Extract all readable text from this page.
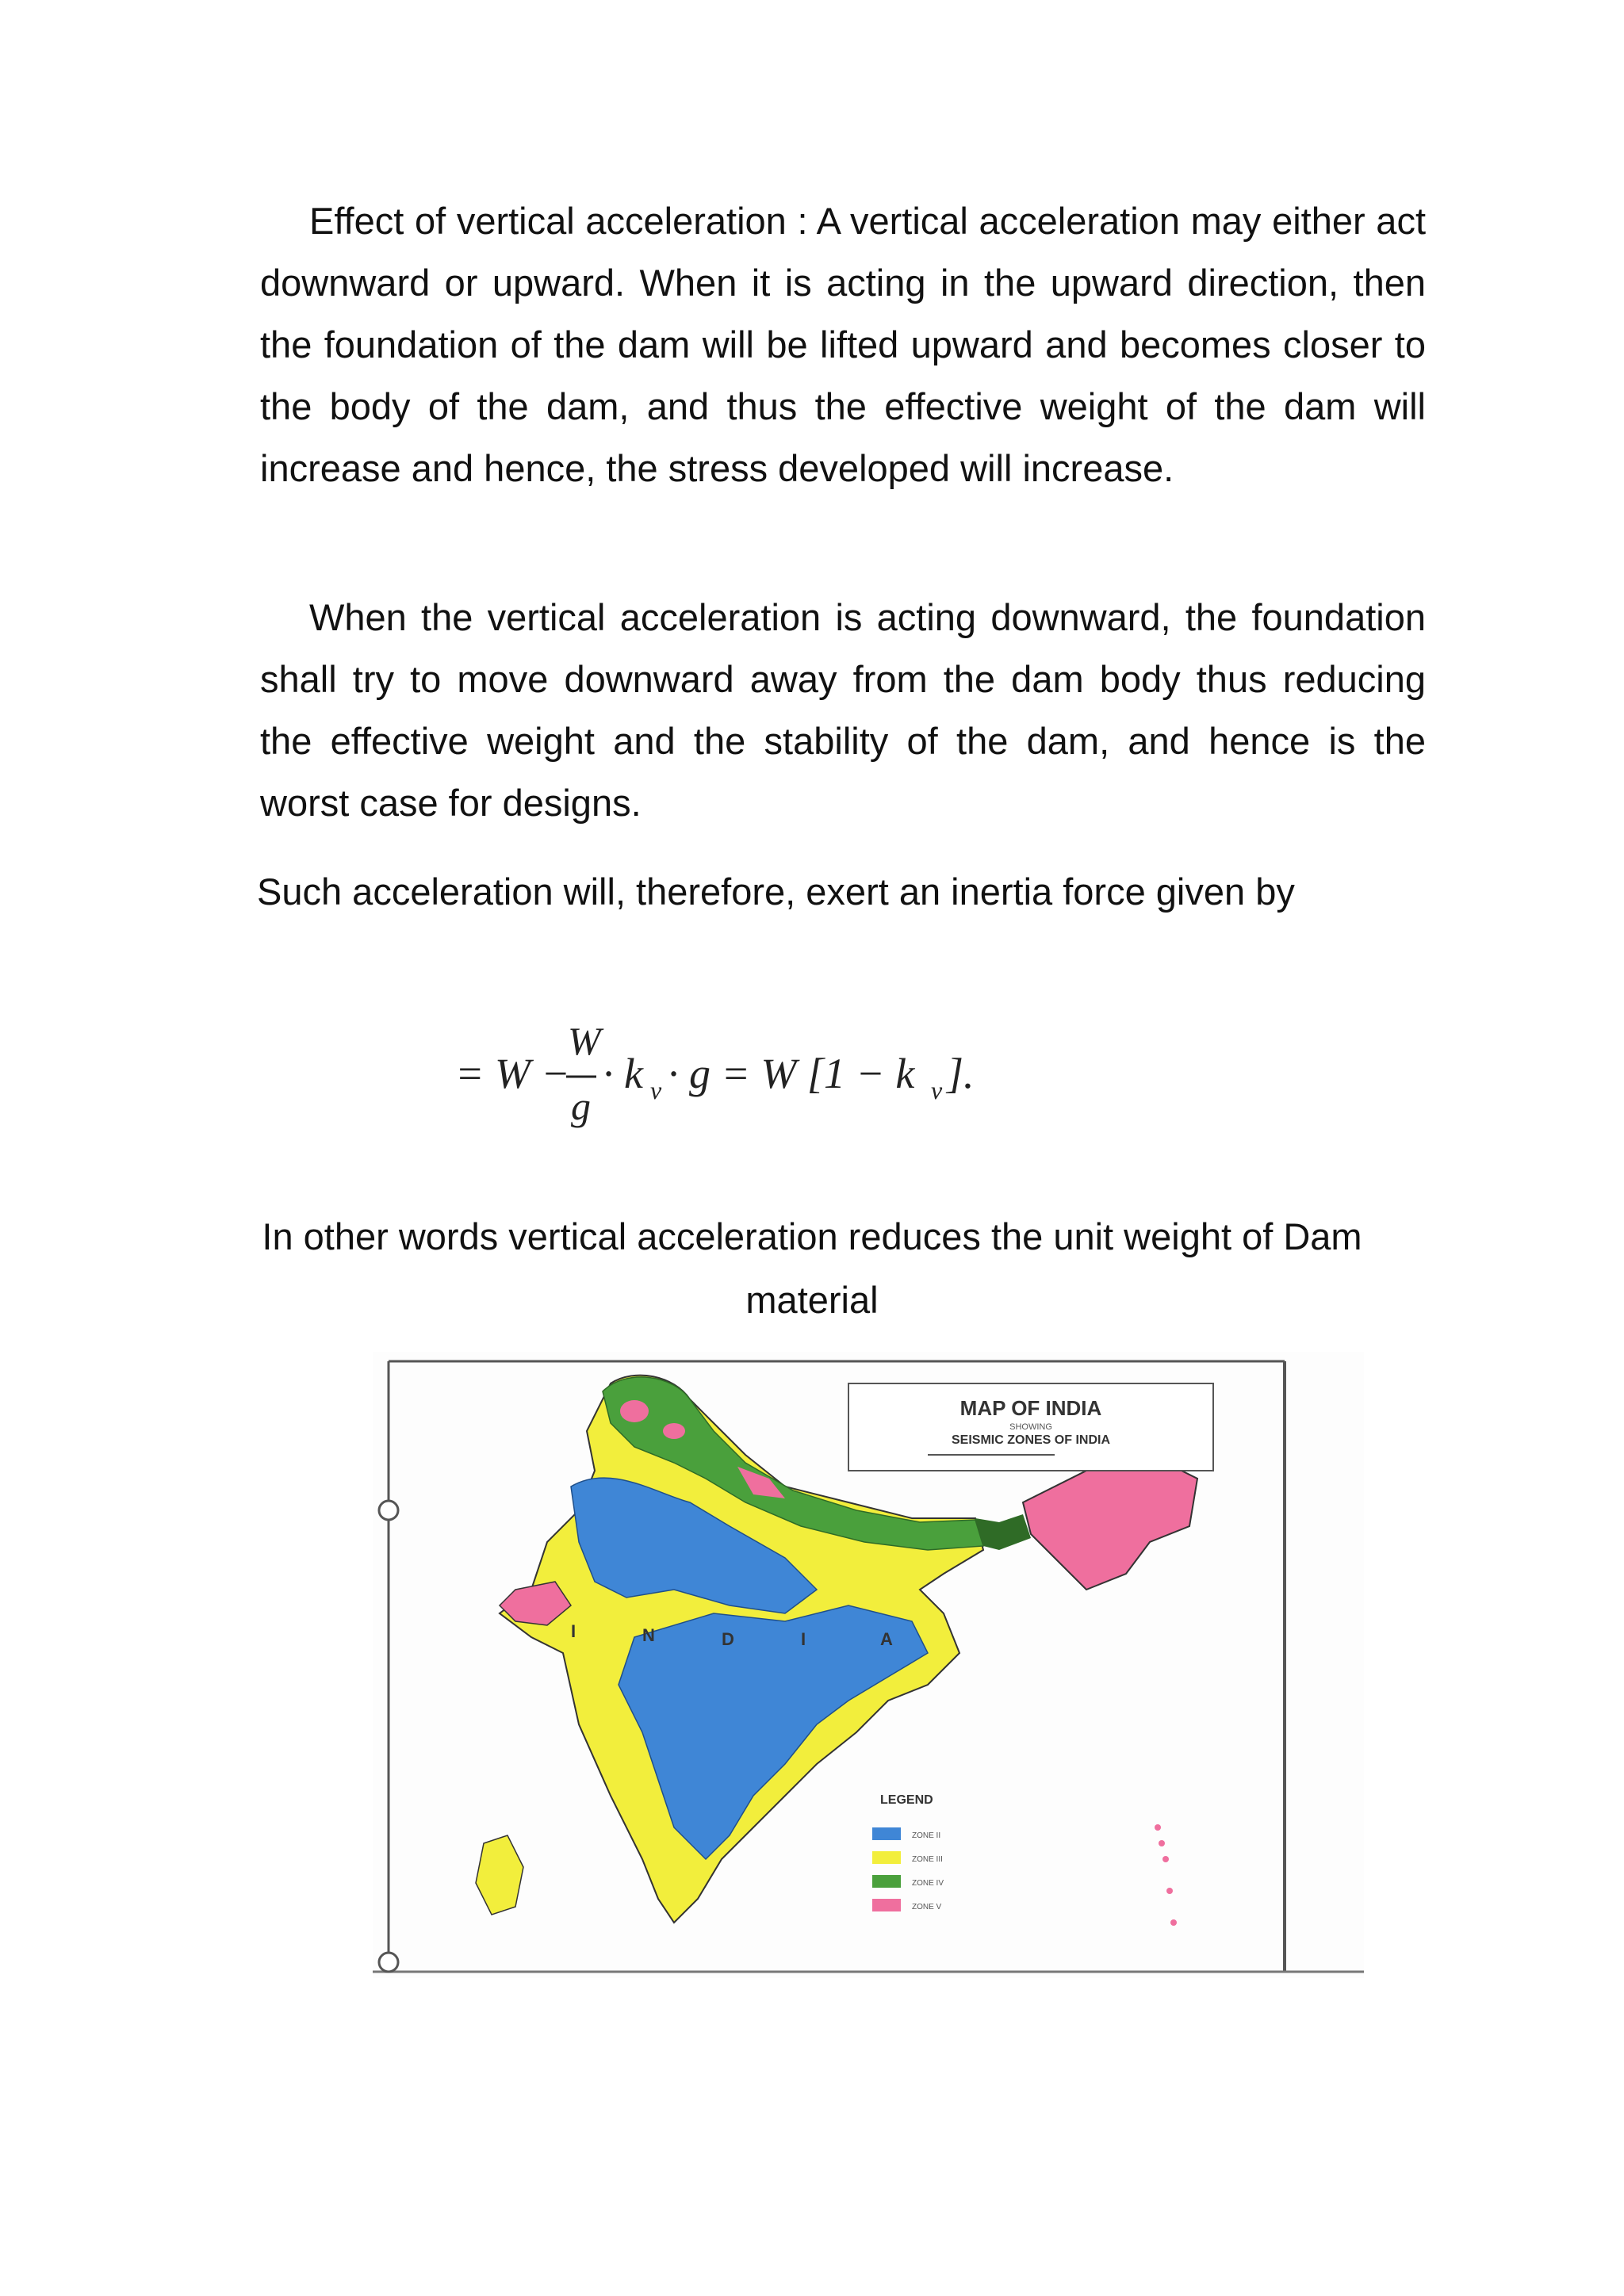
Effect of vertical acceleration : A vertical acceleration may either act downward or upward. When it is acting in the upward direction, then the foundation of the dam will be lifted upward and becomes closer to the body of the dam, and thus the effective weight of the dam will increase and hence, the stress developed will increase.

When the vertical acceleration is acting downward, the foundation shall try to move downward away from the dam body thus reducing the effective weight and the stability of the dam, and hence is the worst case for designs.

Such acceleration will, therefore, exert an inertia force given by

= W −
W
g
· k v · g = W [1 − k v ].

In other words vertical acceleration reduces the unit weight of Dam
material

I	N	D	I	A
MAP OF INDIA
SHOWING
SEISMIC ZONES OF INDIA
LEGEND
ZONE II
ZONE III
ZONE IV
ZONE V
